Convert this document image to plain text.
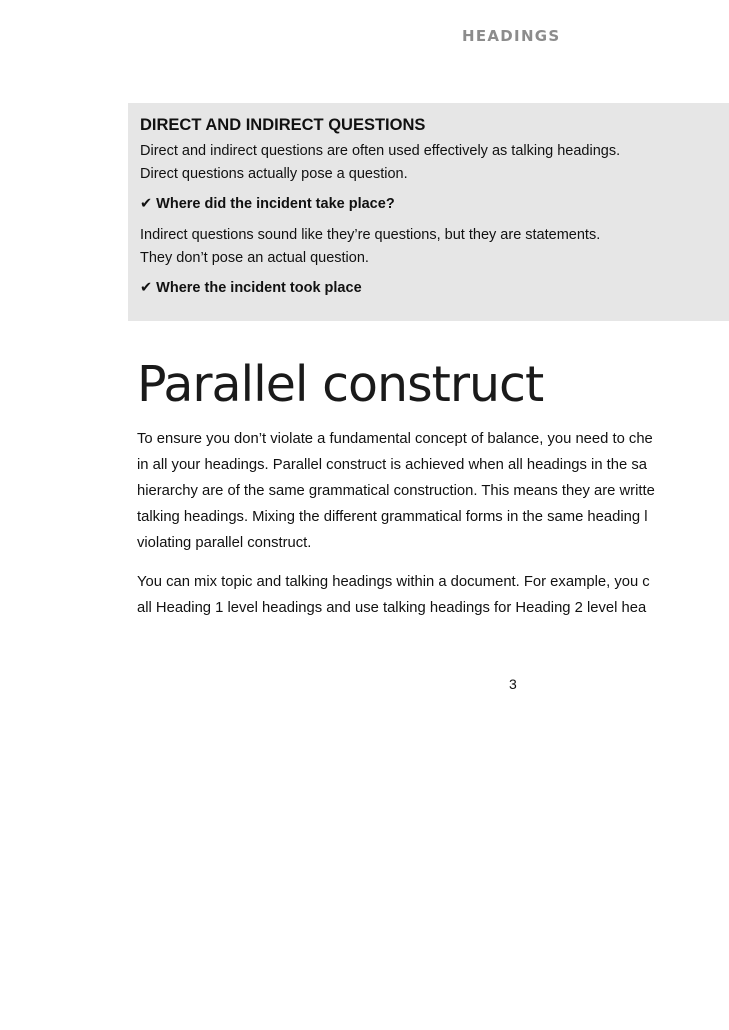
HEADINGS
DIRECT AND INDIRECT QUESTIONS

Direct and indirect questions are often used effectively as talking headings.

Direct questions actually pose a question.

✔ Where did the incident take place?

Indirect questions sound like they’re questions, but they are statements.

They don’t pose an actual question.

✔ Where the incident took place

Parallel construct

To ensure you don’t violate a fundamental concept of balance, you need to che
in all your headings. Parallel construct is achieved when all headings in the sa
hierarchy are of the same grammatical construction. This means they are writte
talking headings. Mixing the different grammatical forms in the same heading l
violating parallel construct.

You can mix topic and talking headings within a document. For example, you c
all Heading 1 level headings and use talking headings for Heading 2 level hea

3
